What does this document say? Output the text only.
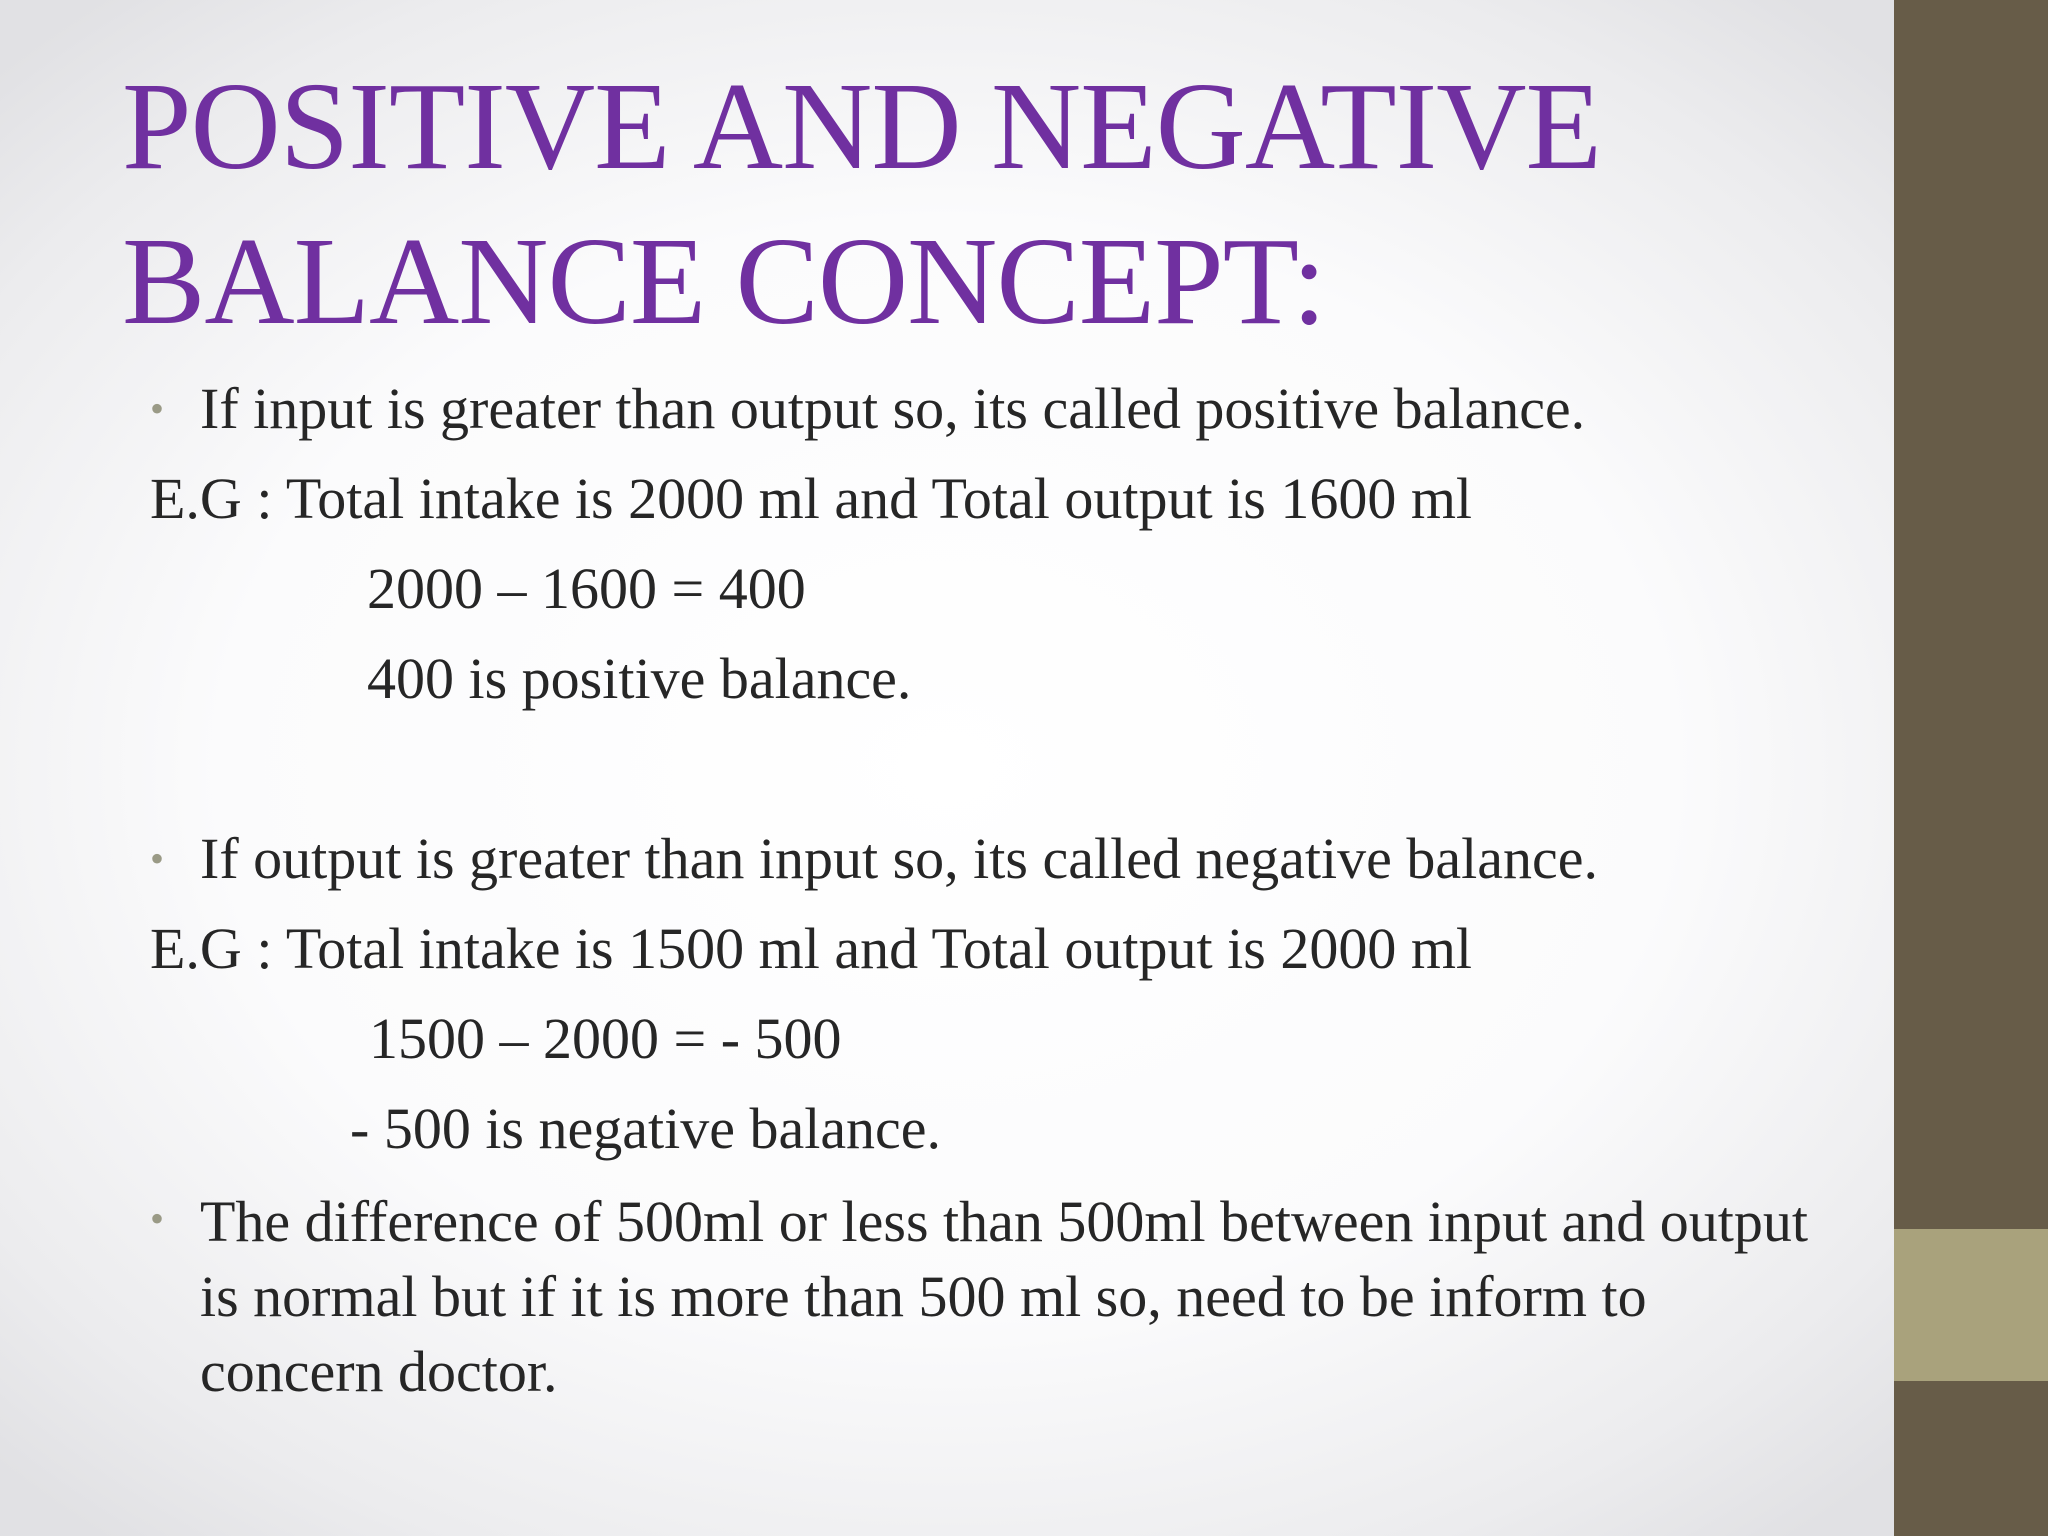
POSITIVE AND NEGATIVE
BALANCE CONCEPT:
• If input is greater than output so, its called positive balance.
E.G : Total intake is 2000 ml and Total output is 1600 ml
2000 – 1600 = 400
400 is positive balance.
• If output is greater than input so, its called negative balance.
E.G : Total intake is 1500 ml and Total output is 2000 ml
1500 – 2000 = - 500
- 500 is negative balance.
• The difference of 500ml or less than 500ml between input and output is normal but if it is more than 500 ml so, need to be inform to concern doctor.
